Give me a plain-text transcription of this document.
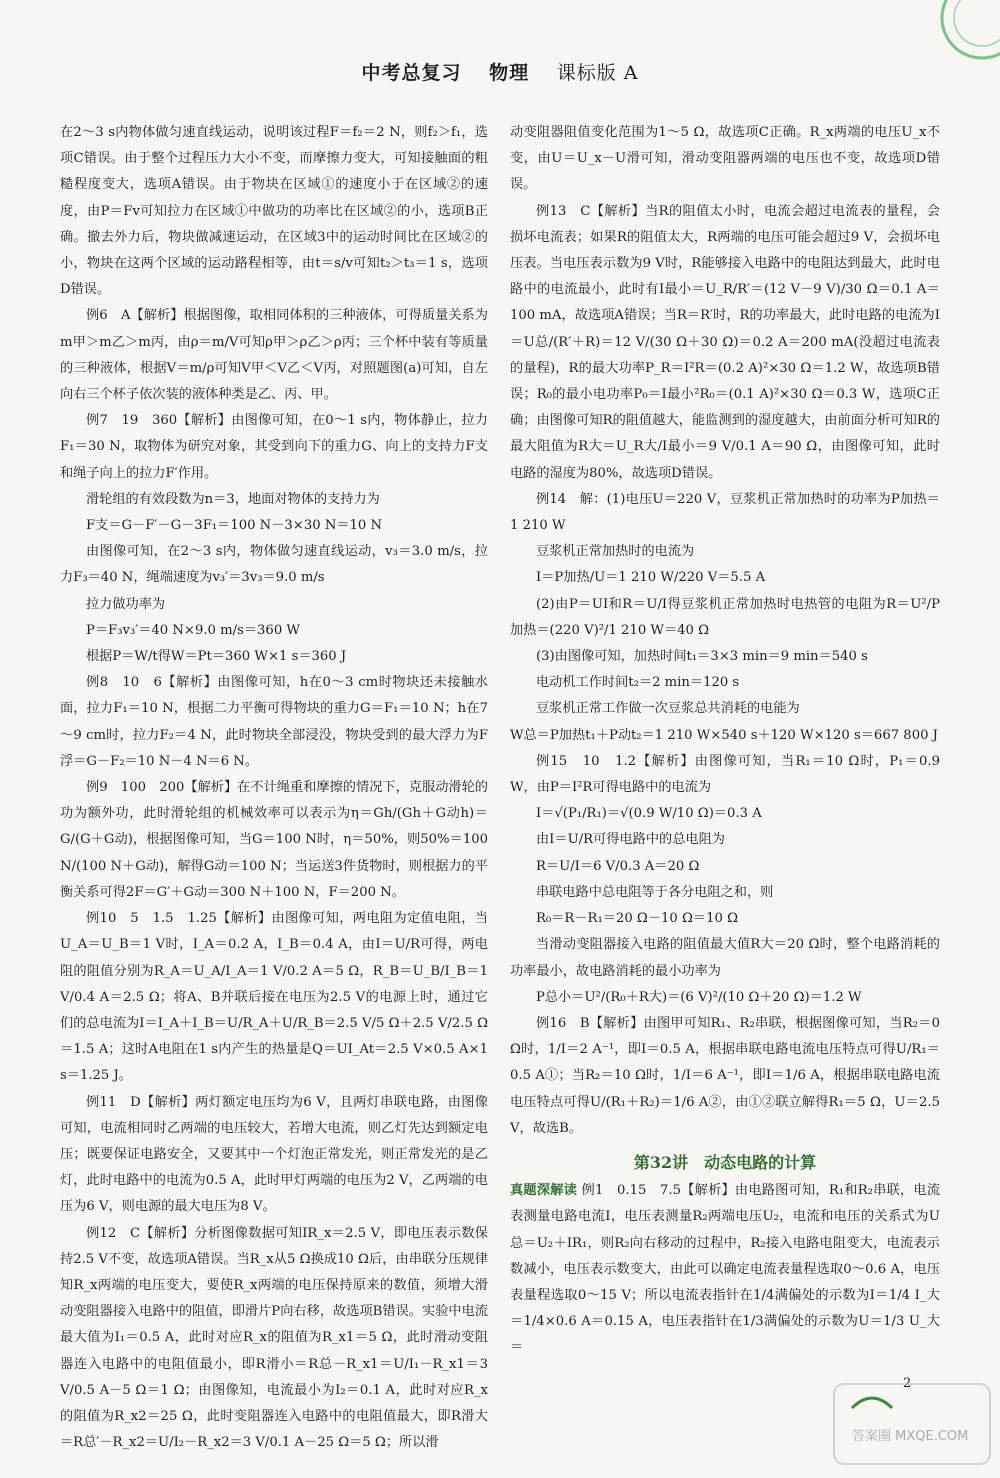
中考总复习 物理 课标版 A

在2～3 s内物体做匀速直线运动，说明该过程F＝f₂＝2 N，则f₂＞f₁，选项C错误。由于整个过程压力大小不变，而摩擦力变大，可知接触面的粗糙程度变大，选项A错误。由于物块在区域①的速度小于在区域②的速度，由P＝Fv可知拉力在区域①中做功的功率比在区域②的小，选项B正确。撤去外力后，物块做减速运动，在区域3中的运动时间比在区域②的小，物块在这两个区域的运动路程相等，由t＝s/v可知t₂＞t₃＝1 s，选项D错误。

例6　A【解析】根据图像，取相同体积的三种液体，可得质量关系为m甲＞m乙＞m丙，由ρ＝m/V可知ρ甲＞ρ乙＞ρ丙；三个杯中装有等质量的三种液体，根据V＝m/ρ可知V甲＜V乙＜V丙，对照题图(a)可知，自左向右三个杯子依次装的液体种类是乙、丙、甲。

例7　19　360【解析】由图像可知，在0～1 s内，物体静止，拉力F₁＝30 N，取物体为研究对象，其受到向下的重力G、向上的支持力F支和绳子向上的拉力F′作用。

滑轮组的有效段数为n＝3，地面对物体的支持力为

F支＝G－F′－G－3F₁＝100 N－3×30 N＝10 N

由图像可知，在2～3 s内，物体做匀速直线运动，v₃＝3.0 m/s，拉力F₃＝40 N，绳端速度为v₃′＝3v₃＝9.0 m/s

拉力做功率为

P＝F₃v₃′＝40 N×9.0 m/s＝360 W

根据P＝W/t得W＝Pt＝360 W×1 s＝360 J

例8　10　6【解析】由图像可知，h在0～3 cm时物块还未接触水面，拉力F₁＝10 N，根据二力平衡可得物块的重力G＝F₁＝10 N；h在7～9 cm时，拉力F₂＝4 N，此时物块全部浸没，物块受到的最大浮力为F浮＝G－F₂＝10 N－4 N＝6 N。

例9　100　200【解析】在不计绳重和摩擦的情况下，克服动滑轮的功为额外功，此时滑轮组的机械效率可以表示为η＝Gh/(Gh＋G动h)＝G/(G＋G动)，根据图像可知，当G＝100 N时，η＝50%，则50%＝100 N/(100 N＋G动)，解得G动＝100 N；当运送3件货物时，则根据力的平衡关系可得2F＝G′＋G动＝300 N＋100 N，F＝200 N。

例10　5　1.5　1.25【解析】由图像可知，两电阻为定值电阻，当U_A＝U_B＝1 V时，I_A＝0.2 A，I_B＝0.4 A，由I＝U/R可得，两电阻的阻值分别为R_A＝U_A/I_A＝1 V/0.2 A＝5 Ω，R_B＝U_B/I_B＝1 V/0.4 A＝2.5 Ω；将A、B并联后接在电压为2.5 V的电源上时，通过它们的总电流为I＝I_A＋I_B＝U/R_A＋U/R_B＝2.5 V/5 Ω＋2.5 V/2.5 Ω＝1.5 A；这时A电阻在1 s内产生的热量是Q＝UI_At＝2.5 V×0.5 A×1 s＝1.25 J。

例11　D【解析】两灯额定电压均为6 V，且两灯串联电路，由图像可知，电流相同时乙两端的电压较大，若增大电流，则乙灯先达到额定电压；既要保证电路安全，又要其中一个灯泡正常发光，则正常发光的是乙灯，此时电路中的电流为0.5 A，此时甲灯两端的电压为2 V，乙两端的电压为6 V，则电源的最大电压为8 V。

例12　C【解析】分析图像数据可知IR_x＝2.5 V，即电压表示数保持2.5 V不变，故选项A错误。当R_x从5 Ω换成10 Ω后，由串联分压规律知R_x两端的电压变大，要使R_x两端的电压保持原来的数值，须增大滑动变阻器接入电路中的阻值，即滑片P向右移，故选项B错误。实验中电流最大值为I₁＝0.5 A，此时对应R_x的阻值为R_x1＝5 Ω，此时滑动变阻器连入电路中的电阻值最小，即R滑小＝R总－R_x1＝U/I₁－R_x1＝3 V/0.5 A－5 Ω＝1 Ω；由图像知，电流最小为I₂＝0.1 A，此时对应R_x的阻值为R_x2＝25 Ω，此时变阻器连入电路中的电阻值最大，即R滑大＝R总′－R_x2＝U/I₂－R_x2＝3 V/0.1 A－25 Ω＝5 Ω；所以滑

动变阻器阻值变化范围为1～5 Ω，故选项C正确。R_x两端的电压U_x不变，由U＝U_x－U滑可知，滑动变阻器两端的电压也不变，故选项D错误。

例13　C【解析】当R的阻值太小时，电流会超过电流表的量程，会损坏电流表；如果R的阻值太大，R两端的电压可能会超过9 V，会损坏电压表。当电压表示数为9 V时，R能够接入电路中的电阻达到最大，此时电路中的电流最小，此时有I最小＝U_R/R′＝(12 V－9 V)/30 Ω＝0.1 A＝100 mA，故选项A错误；当R＝R′时，R的功率最大，此时电路的电流为I＝U总/(R′＋R)＝12 V/(30 Ω＋30 Ω)＝0.2 A＝200 mA(没超过电流表的量程)，R的最大功率P_R＝I²R＝(0.2 A)²×30 Ω＝1.2 W，故选项B错误；R₀的最小电功率P₀＝I最小²R₀＝(0.1 A)²×30 Ω＝0.3 W，选项C正确；由图像可知R的阻值越大，能监测到的湿度越大，由前面分析可知R的最大阻值为R大＝U_R大/I最小＝9 V/0.1 A＝90 Ω，由图像可知，此时电路的湿度为80%，故选项D错误。

例14　解：(1)电压U＝220 V，豆浆机正常加热时的功率为P加热＝1 210 W

豆浆机正常加热时的电流为

I＝P加热/U＝1 210 W/220 V＝5.5 A

(2)由P＝UI和R＝U/I得豆浆机正常加热时电热管的电阻为R＝U²/P加热＝(220 V)²/1 210 W＝40 Ω

(3)由图像可知，加热时间t₁＝3×3 min＝9 min＝540 s

电动机工作时间t₂＝2 min＝120 s

豆浆机正常工作做一次豆浆总共消耗的电能为

W总＝P加热t₁＋P动t₂＝1 210 W×540 s＋120 W×120 s＝667 800 J

例15　10　1.2【解析】由图像可知，当R₁＝10 Ω时，P₁＝0.9 W，由P＝I²R可得电路中的电流为

I＝√(P₁/R₁)＝√(0.9 W/10 Ω)＝0.3 A

由I＝U/R可得电路中的总电阻为

R＝U/I＝6 V/0.3 A＝20 Ω

串联电路中总电阻等于各分电阻之和，则

R₀＝R－R₁＝20 Ω－10 Ω＝10 Ω

当滑动变阻器接入电路的阻值最大值R大＝20 Ω时，整个电路消耗的功率最小，故电路消耗的最小功率为

P总小＝U²/(R₀＋R大)＝(6 V)²/(10 Ω＋20 Ω)＝1.2 W

例16　B【解析】由图甲可知R₁、R₂串联，根据图像可知，当R₂＝0 Ω时，1/I＝2 A⁻¹，即I＝0.5 A，根据串联电路电流电压特点可得U/R₁＝0.5 A①；当R₂＝10 Ω时，1/I＝6 A⁻¹，即I＝1/6 A，根据串联电路电流电压特点可得U/(R₁＋R₂)＝1/6 A②，由①②联立解得R₁＝5 Ω，U＝2.5 V，故选B。

第32讲　动态电路的计算

真题深解读 例1　0.15　7.5【解析】由电路图可知，R₁和R₂串联，电流表测量电路电流I，电压表测量R₂两端电压U₂，电流和电压的关系式为U总＝U₂＋IR₁，则R₂向右移动的过程中，R₂接入电路电阻变大，电流表示数减小，电压表示数变大，由此可以确定电流表量程选取0～0.6 A，电压表量程选取0～15 V；所以电流表指针在1/4满偏处的示数为I＝1/4 I_大＝1/4×0.6 A＝0.15 A，电压表指针在1/3满偏处的示数为U＝1/3 U_大＝

2
答案圈 MXQE.COM
